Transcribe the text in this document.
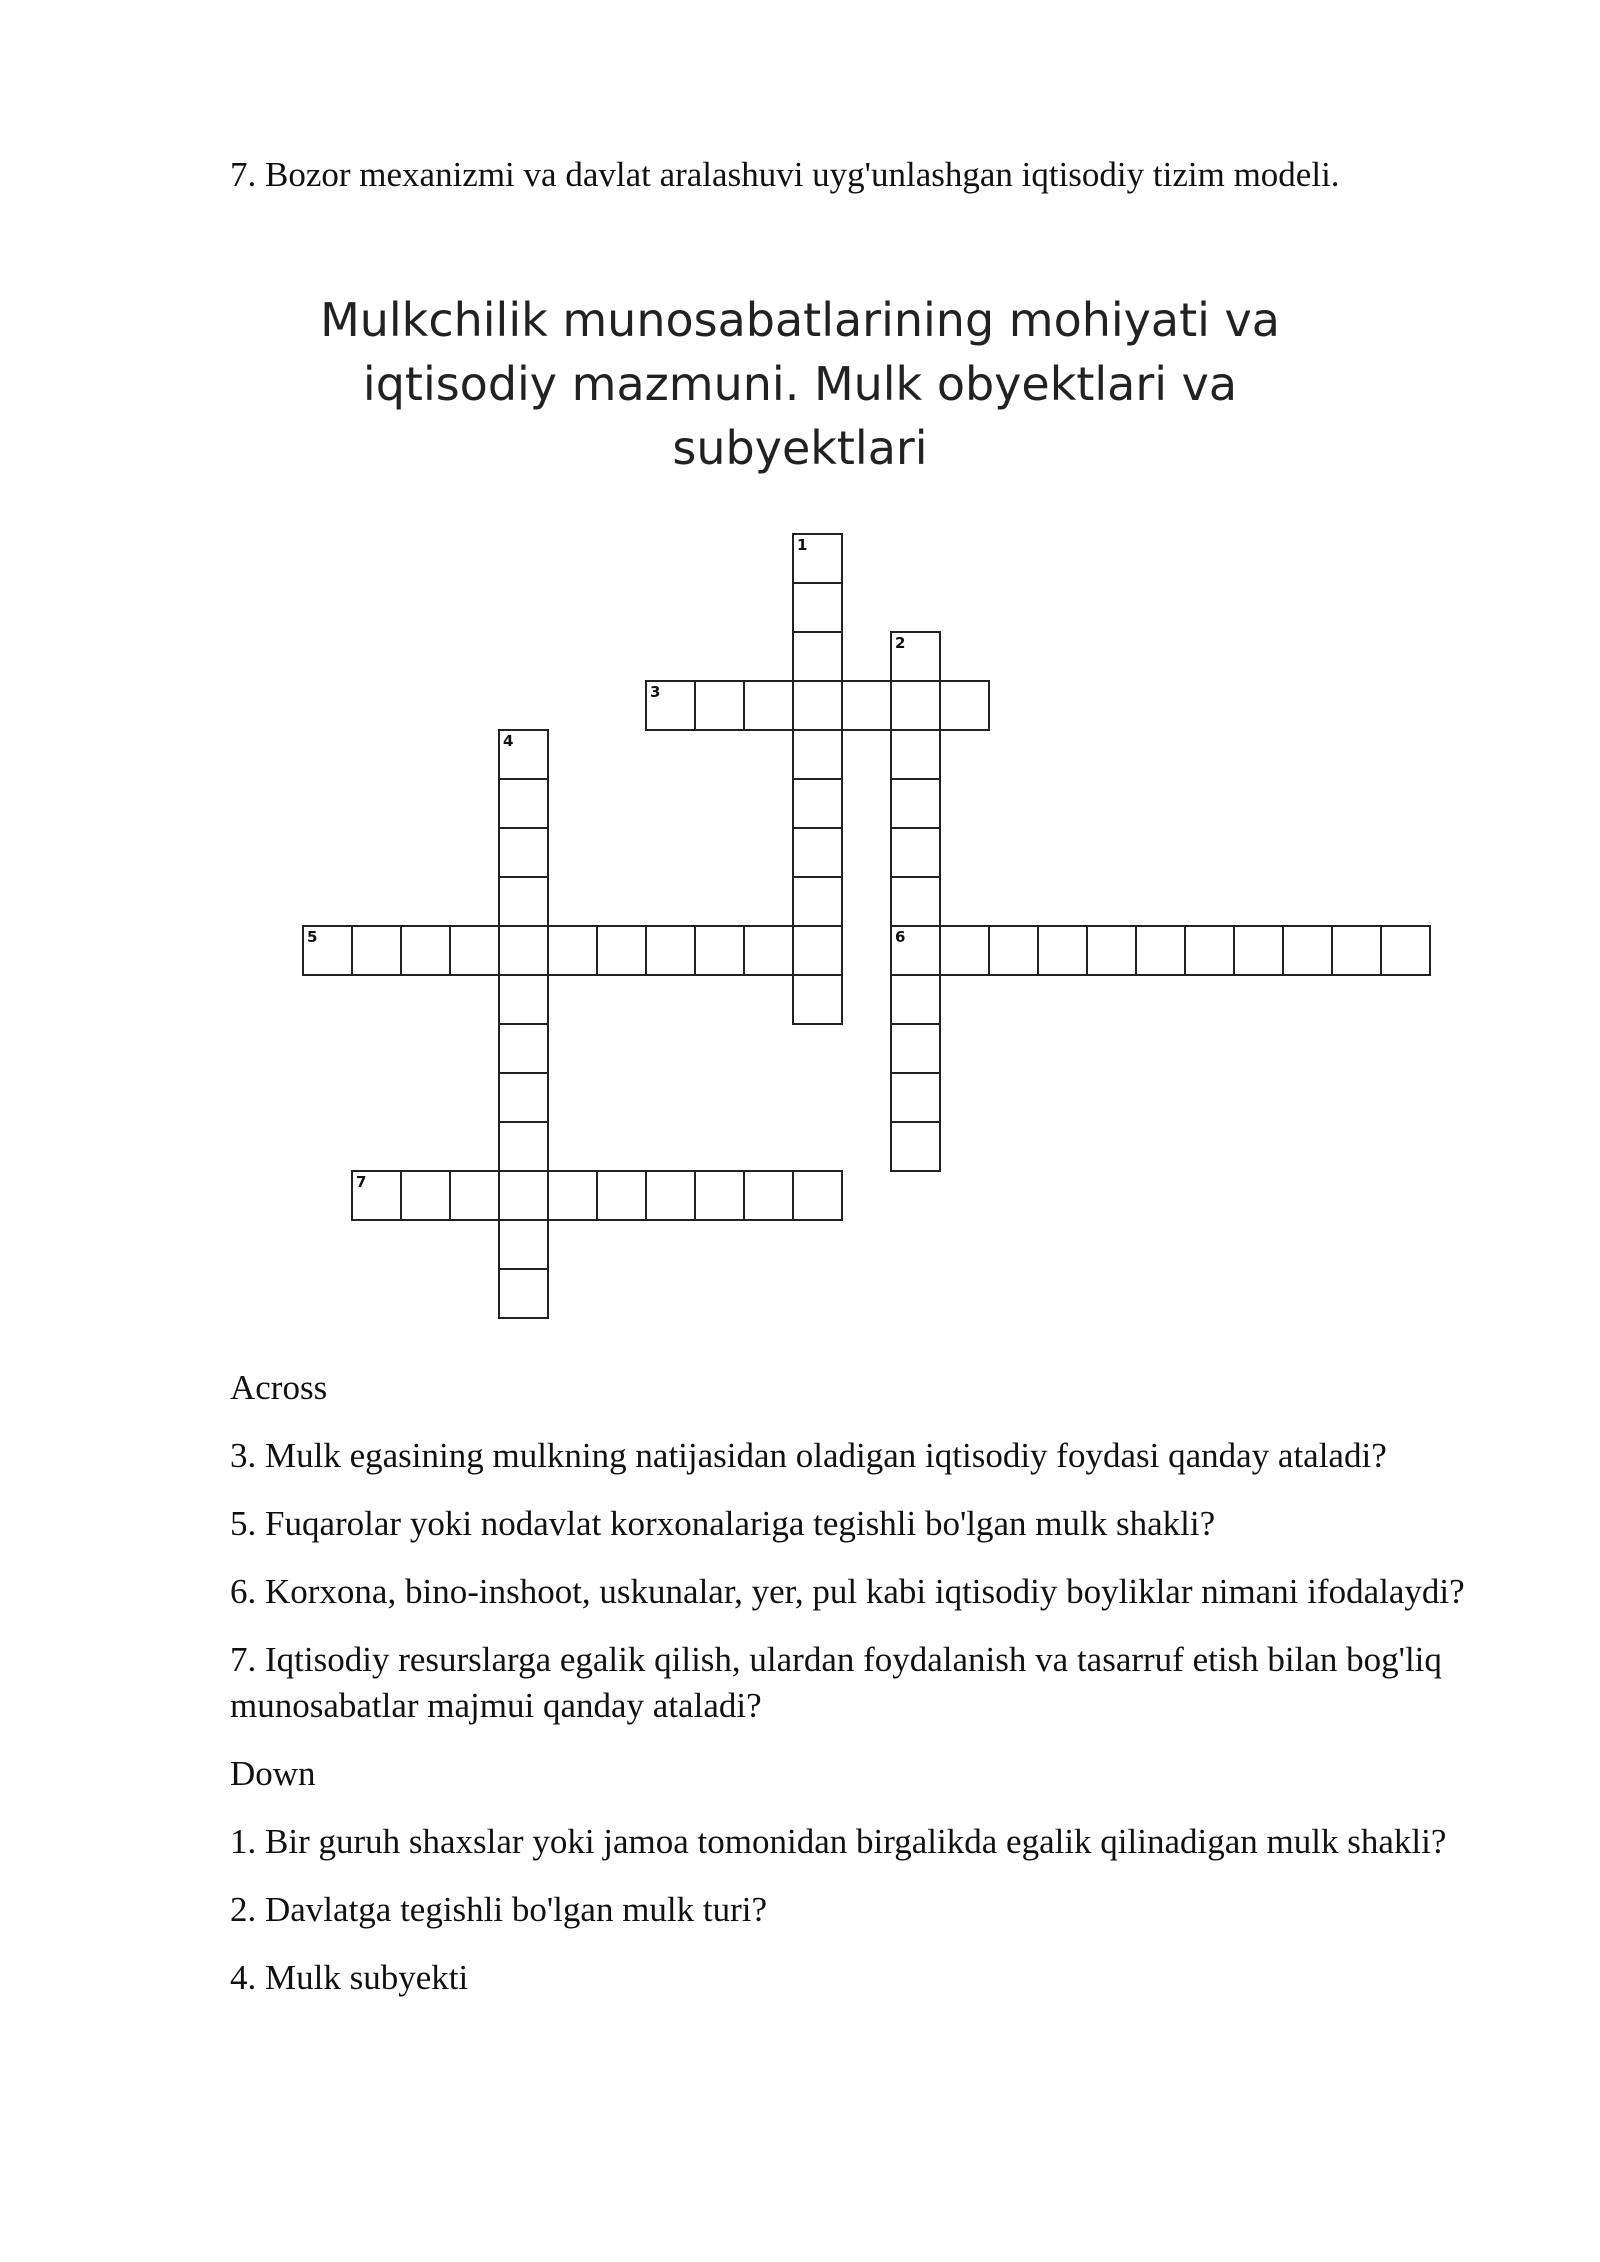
7. Bozor mexanizmi va davlat aralashuvi uyg'unlashgan iqtisodiy tizim modeli.

Mulkchilik munosabatlarining mohiyati va iqtisodiy mazmuni. Mulk obyektlari va subyektlari

1
2
6
3
4
5
7

Across

3. Mulk egasining mulkning natijasidan oladigan iqtisodiy foydasi qanday ataladi?

5. Fuqarolar yoki nodavlat korxonalariga tegishli bo'lgan mulk shakli?

6. Korxona, bino-inshoot, uskunalar, yer, pul kabi iqtisodiy boyliklar nimani ifodalaydi?

7. Iqtisodiy resurslarga egalik qilish, ulardan foydalanish va tasarruf etish bilan bog'liq munosabatlar majmui qanday ataladi?

Down

1. Bir guruh shaxslar yoki jamoa tomonidan birgalikda egalik qilinadigan mulk shakli?

2. Davlatga tegishli bo'lgan mulk turi?

4. Mulk subyekti
